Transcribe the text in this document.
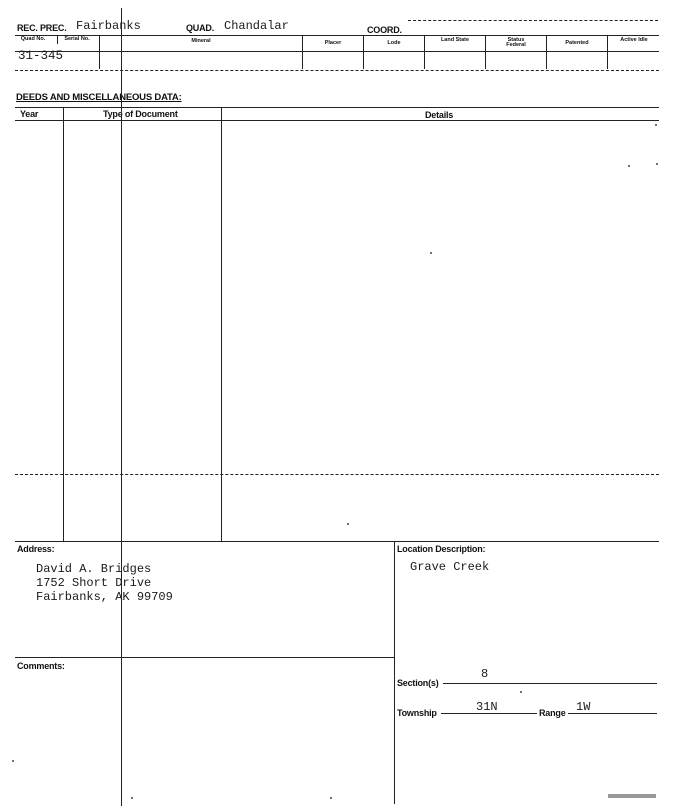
REC. PREC. Fairbanks	QUAD. Chandalar	COORD.
Quad No.	Serial No.	Mineral	Placer	Lode	Land State	Status Federal	Patented	Active Idle
31-345
DEEDS AND MISCELLANEOUS DATA:
Year	Type of Document	Details
Address:
David A. Bridges
1752 Short Drive
Fairbanks, AK 99709
Location Description:
Grave Creek
Comments:
Section(s)
8
Township	31N	Range 1W
